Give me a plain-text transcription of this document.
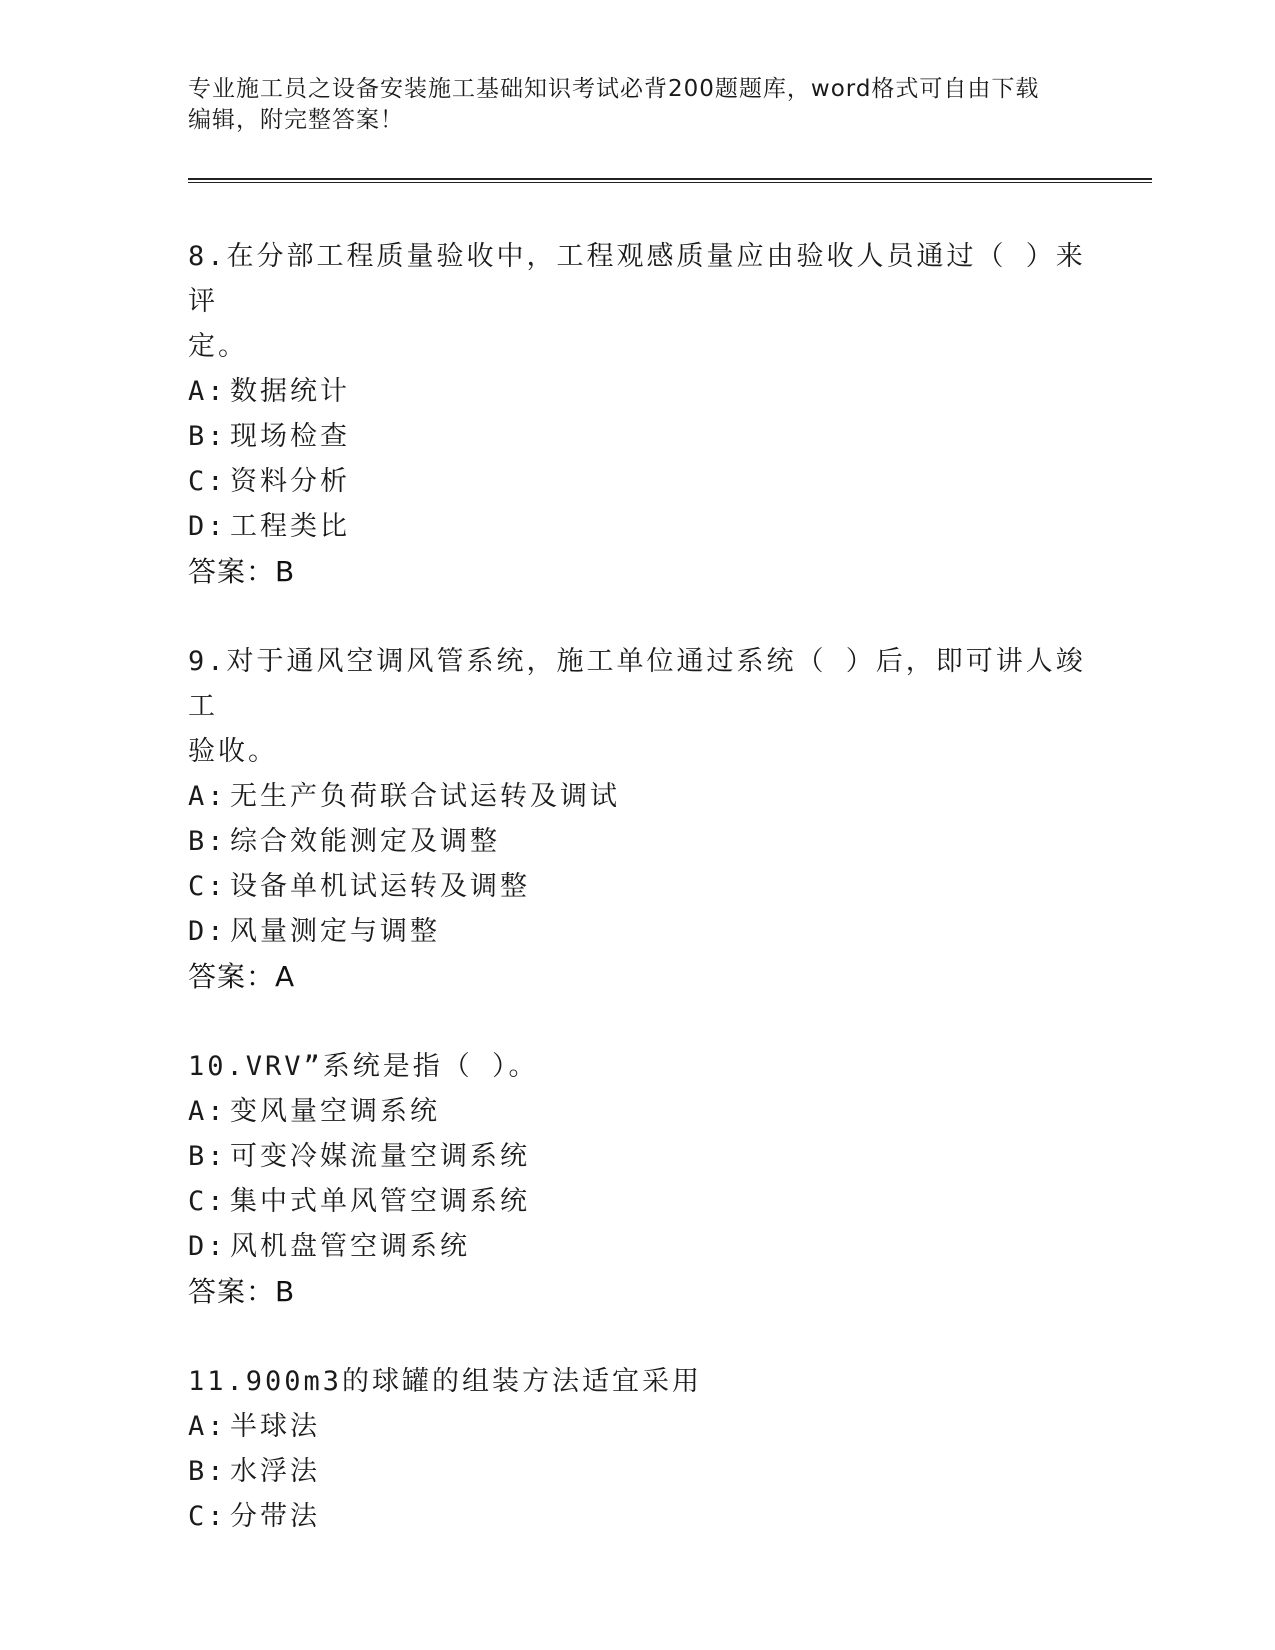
专业施工员之设备安装施工基础知识考试必背200题题库，word格式可自由下载
编辑，附完整答案！

8.在分部工程质量验收中，工程观感质量应由验收人员通过（ ）来评

定。

A: 数据统计

B: 现场检查

C: 资料分析

D: 工程类比

答案：B

9.对于通风空调风管系统，施工单位通过系统（ ）后，即可讲人竣工

验收。

A: 无生产负荷联合试运转及调试

B: 综合效能测定及调整

C: 设备单机试运转及调整

D: 风量测定与调整

答案：A

10.VRV”系统是指（ ）。

A: 变风量空调系统

B: 可变冷媒流量空调系统

C: 集中式单风管空调系统

D: 风机盘管空调系统

答案：B

11.900m3的球罐的组装方法适宜采用

A: 半球法

B: 水浮法

C: 分带法
